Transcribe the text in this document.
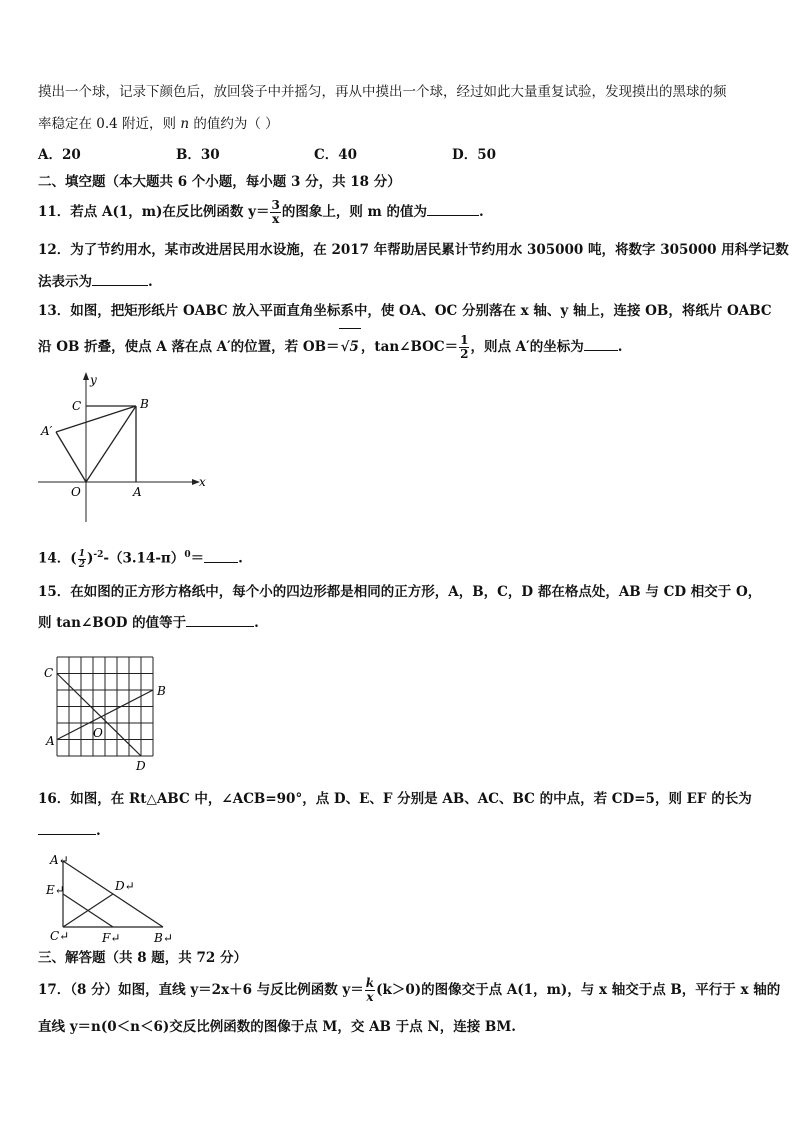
摸出一个球，记录下颜色后，放回袋子中并摇匀，再从中摸出一个球，经过如此大量重复试验，发现摸出的黑球的频
率稳定在 0.4 附近，则 n 的值约为（ ）
A．20	B．30	C．40	D．50
二、填空题（本大题共 6 个小题，每小题 3 分，共 18 分）
11．若点 A(1，m)在反比例函数 $y= \frac{3}{x}$ 的图象上，则 m 的值为	.
12．为了节约用水，某市改进居民用水设施，在 2017 年帮助居民累计节约用水 305000 吨，将数字 305000 用科学记数
法表示为	.
13．如图，把矩形纸片 OABC 放入平面直角坐标系中，使 OA、OC 分别落在 x 轴、y 轴上，连接 OB，将纸片 OABC
沿 OB 折叠，使点 A 落在点 A′的位置，若 OB＝√5 ，tan∠BOC＝ $\frac{1}{2}$ ，则点 A′的坐标为	.
y
x
C	B
A′
O	A
14．( $\frac{1}{2} )^{-2}-(3.14-\pi)^0=$	.
15．在如图的正方形方格纸中，每个小的四边形都是相同的正方形，A，B，C，D 都在格点处，AB 与 CD 相交于 O，
则 tan∠BOD 的值等于	.
C
B
A
O
D
16．如图，在 Rt△ABC 中，∠ACB=90°，点 D、E、F 分别是 AB、AC、BC 的中点，若 CD=5，则 EF 的长为
.
A↵
E↵	D↵
C↵	F↵	B↵
三、解答题（共 8 题，共 72 分）
17．（8 分）如图，直线 y＝2x＋6 与反比例函数 $y= \frac{k}{x} (k>0)$的图像交于点 A(1，m)，与 x 轴交于点 B，平行于 x 轴的
直线 y＝n(0＜n＜6)交反比例函数的图像于点 M，交 AB 于点 N，连接 BM.
